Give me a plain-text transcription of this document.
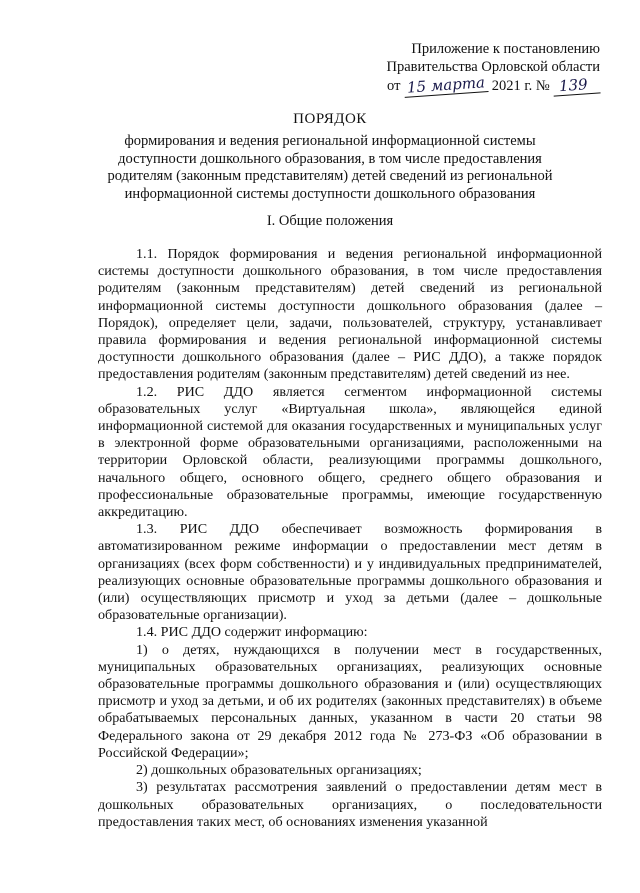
Приложение к постановлению
Правительства Орловской области
от 15 марта 2021 г. № 139
ПОРЯДОК
формирования и ведения региональной информационной системы доступности дошкольного образования, в том числе предоставления родителям (законным представителям) детей сведений из региональной информационной системы доступности дошкольного образования
I. Общие положения

1.1. Порядок формирования и ведения региональной информационной системы доступности дошкольного образования, в том числе предоставления родителям (законным представителям) детей сведений из региональной информационной системы доступности дошкольного образования (далее – Порядок), определяет цели, задачи, пользователей, структуру, устанавливает правила формирования и ведения региональной информационной системы доступности дошкольного образования (далее – РИС ДДО), а также порядок предоставления родителям (законным представителям) детей сведений из нее.

1.2. РИС ДДО является сегментом информационной системы образовательных услуг «Виртуальная школа», являющейся единой информационной системой для оказания государственных и муниципальных услуг в электронной форме образовательными организациями, расположенными на территории Орловской области, реализующими программы дошкольного, начального общего, основного общего, среднего общего образования и профессиональные образовательные программы, имеющие государственную аккредитацию.

1.3. РИС ДДО обеспечивает возможность формирования в автоматизированном режиме информации о предоставлении мест детям в организациях (всех форм собственности) и у индивидуальных предпринимателей, реализующих основные образовательные программы дошкольного образования и (или) осуществляющих присмотр и уход за детьми (далее – дошкольные образовательные организации).

1.4. РИС ДДО содержит информацию:

1) о детях, нуждающихся в получении мест в государственных, муниципальных образовательных организациях, реализующих основные образовательные программы дошкольного образования и (или) осуществляющих присмотр и уход за детьми, и об их родителях (законных представителях) в объеме обрабатываемых персональных данных, указанном в части 20 статьи 98 Федерального закона от 29 декабря 2012 года № 273-ФЗ «Об образовании в Российской Федерации»;

2) дошкольных образовательных организациях;

3) результатах рассмотрения заявлений о предоставлении детям мест в дошкольных образовательных организациях, о последовательности предоставления таких мест, об основаниях изменения указанной
